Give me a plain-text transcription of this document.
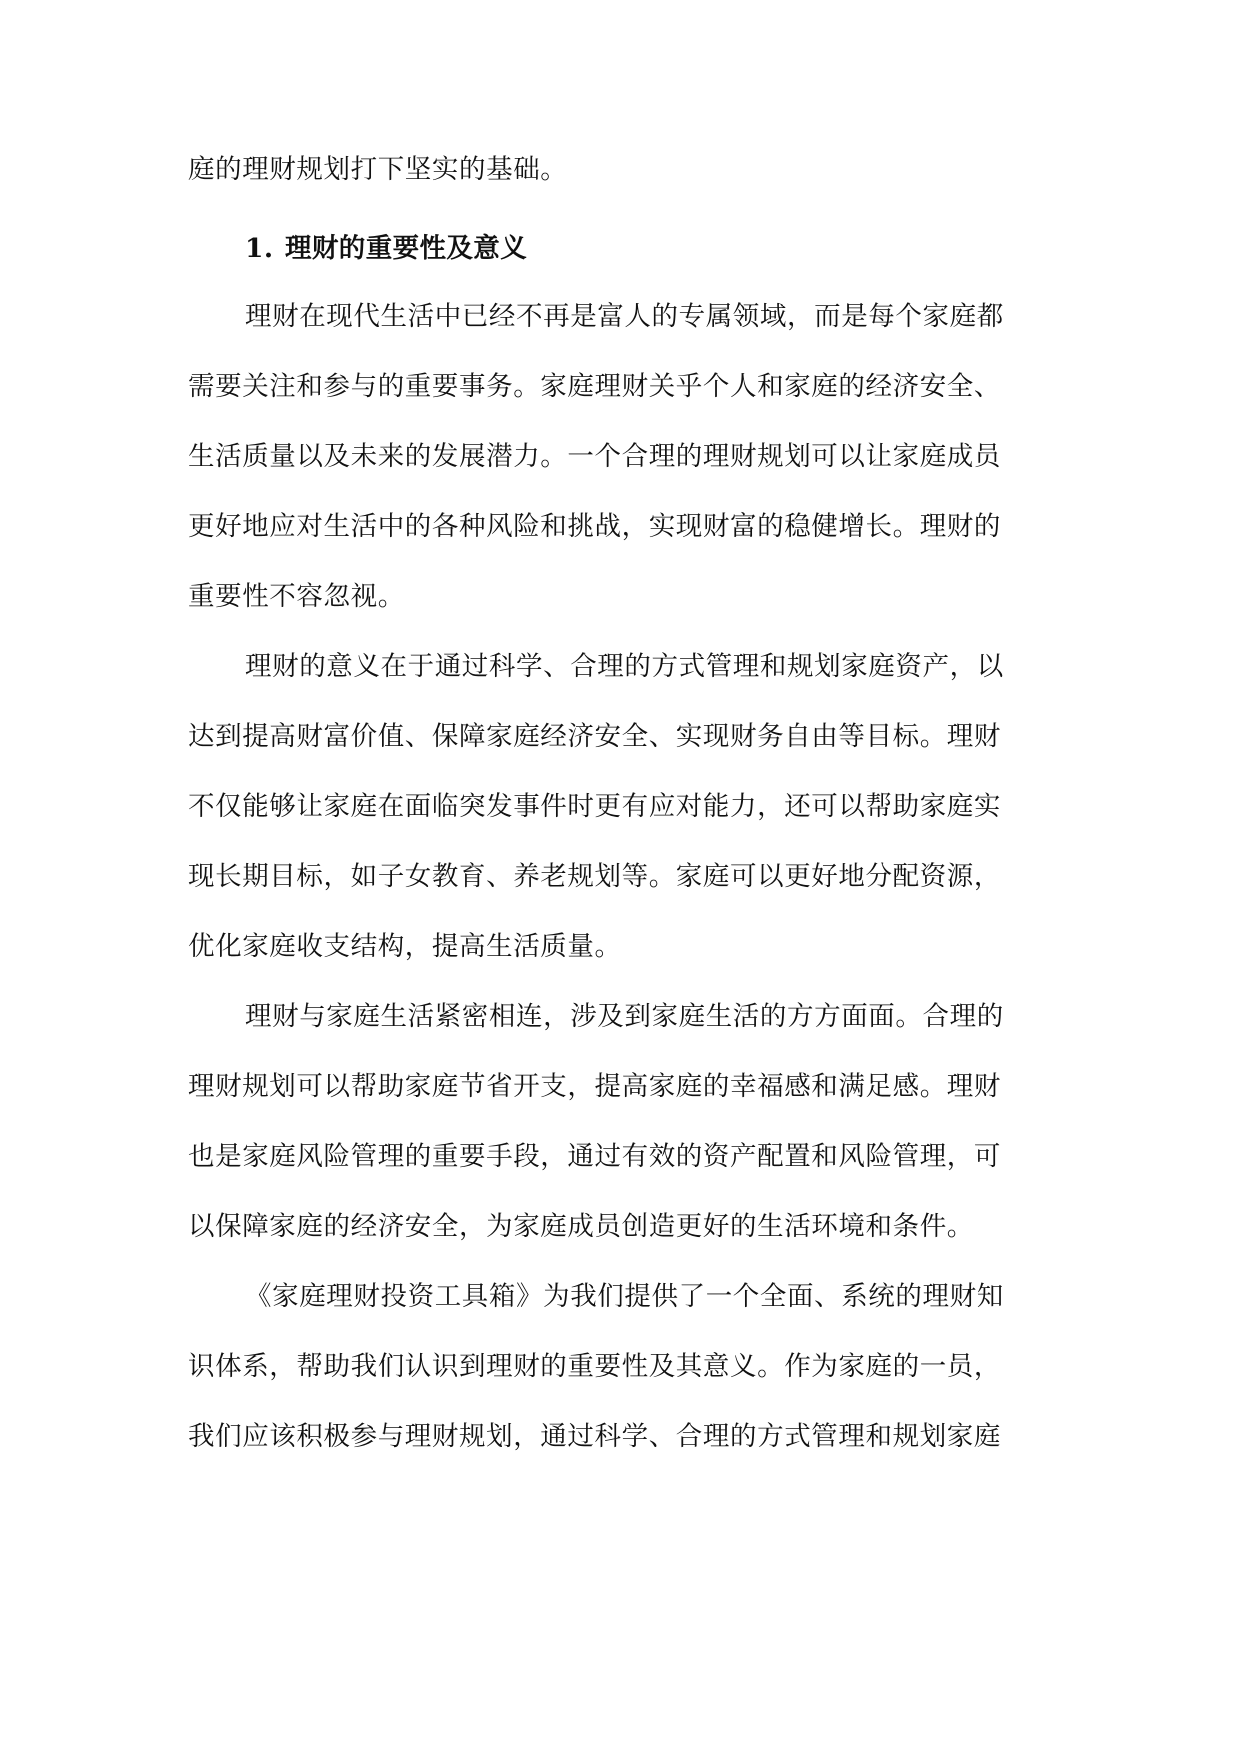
庭的理财规划打下坚实的基础。
1. 理财的重要性及意义
理财在现代生活中已经不再是富人的专属领域，而是每个家庭都
需要关注和参与的重要事务。家庭理财关乎个人和家庭的经济安全、
生活质量以及未来的发展潜力。一个合理的理财规划可以让家庭成员
更好地应对生活中的各种风险和挑战，实现财富的稳健增长。理财的
重要性不容忽视。
理财的意义在于通过科学、合理的方式管理和规划家庭资产，以
达到提高财富价值、保障家庭经济安全、实现财务自由等目标。理财
不仅能够让家庭在面临突发事件时更有应对能力，还可以帮助家庭实
现长期目标，如子女教育、养老规划等。家庭可以更好地分配资源，
优化家庭收支结构，提高生活质量。
理财与家庭生活紧密相连，涉及到家庭生活的方方面面。合理的
理财规划可以帮助家庭节省开支，提高家庭的幸福感和满足感。理财
也是家庭风险管理的重要手段，通过有效的资产配置和风险管理，可
以保障家庭的经济安全，为家庭成员创造更好的生活环境和条件。
《家庭理财投资工具箱》为我们提供了一个全面、系统的理财知
识体系，帮助我们认识到理财的重要性及其意义。作为家庭的一员，
我们应该积极参与理财规划，通过科学、合理的方式管理和规划家庭
